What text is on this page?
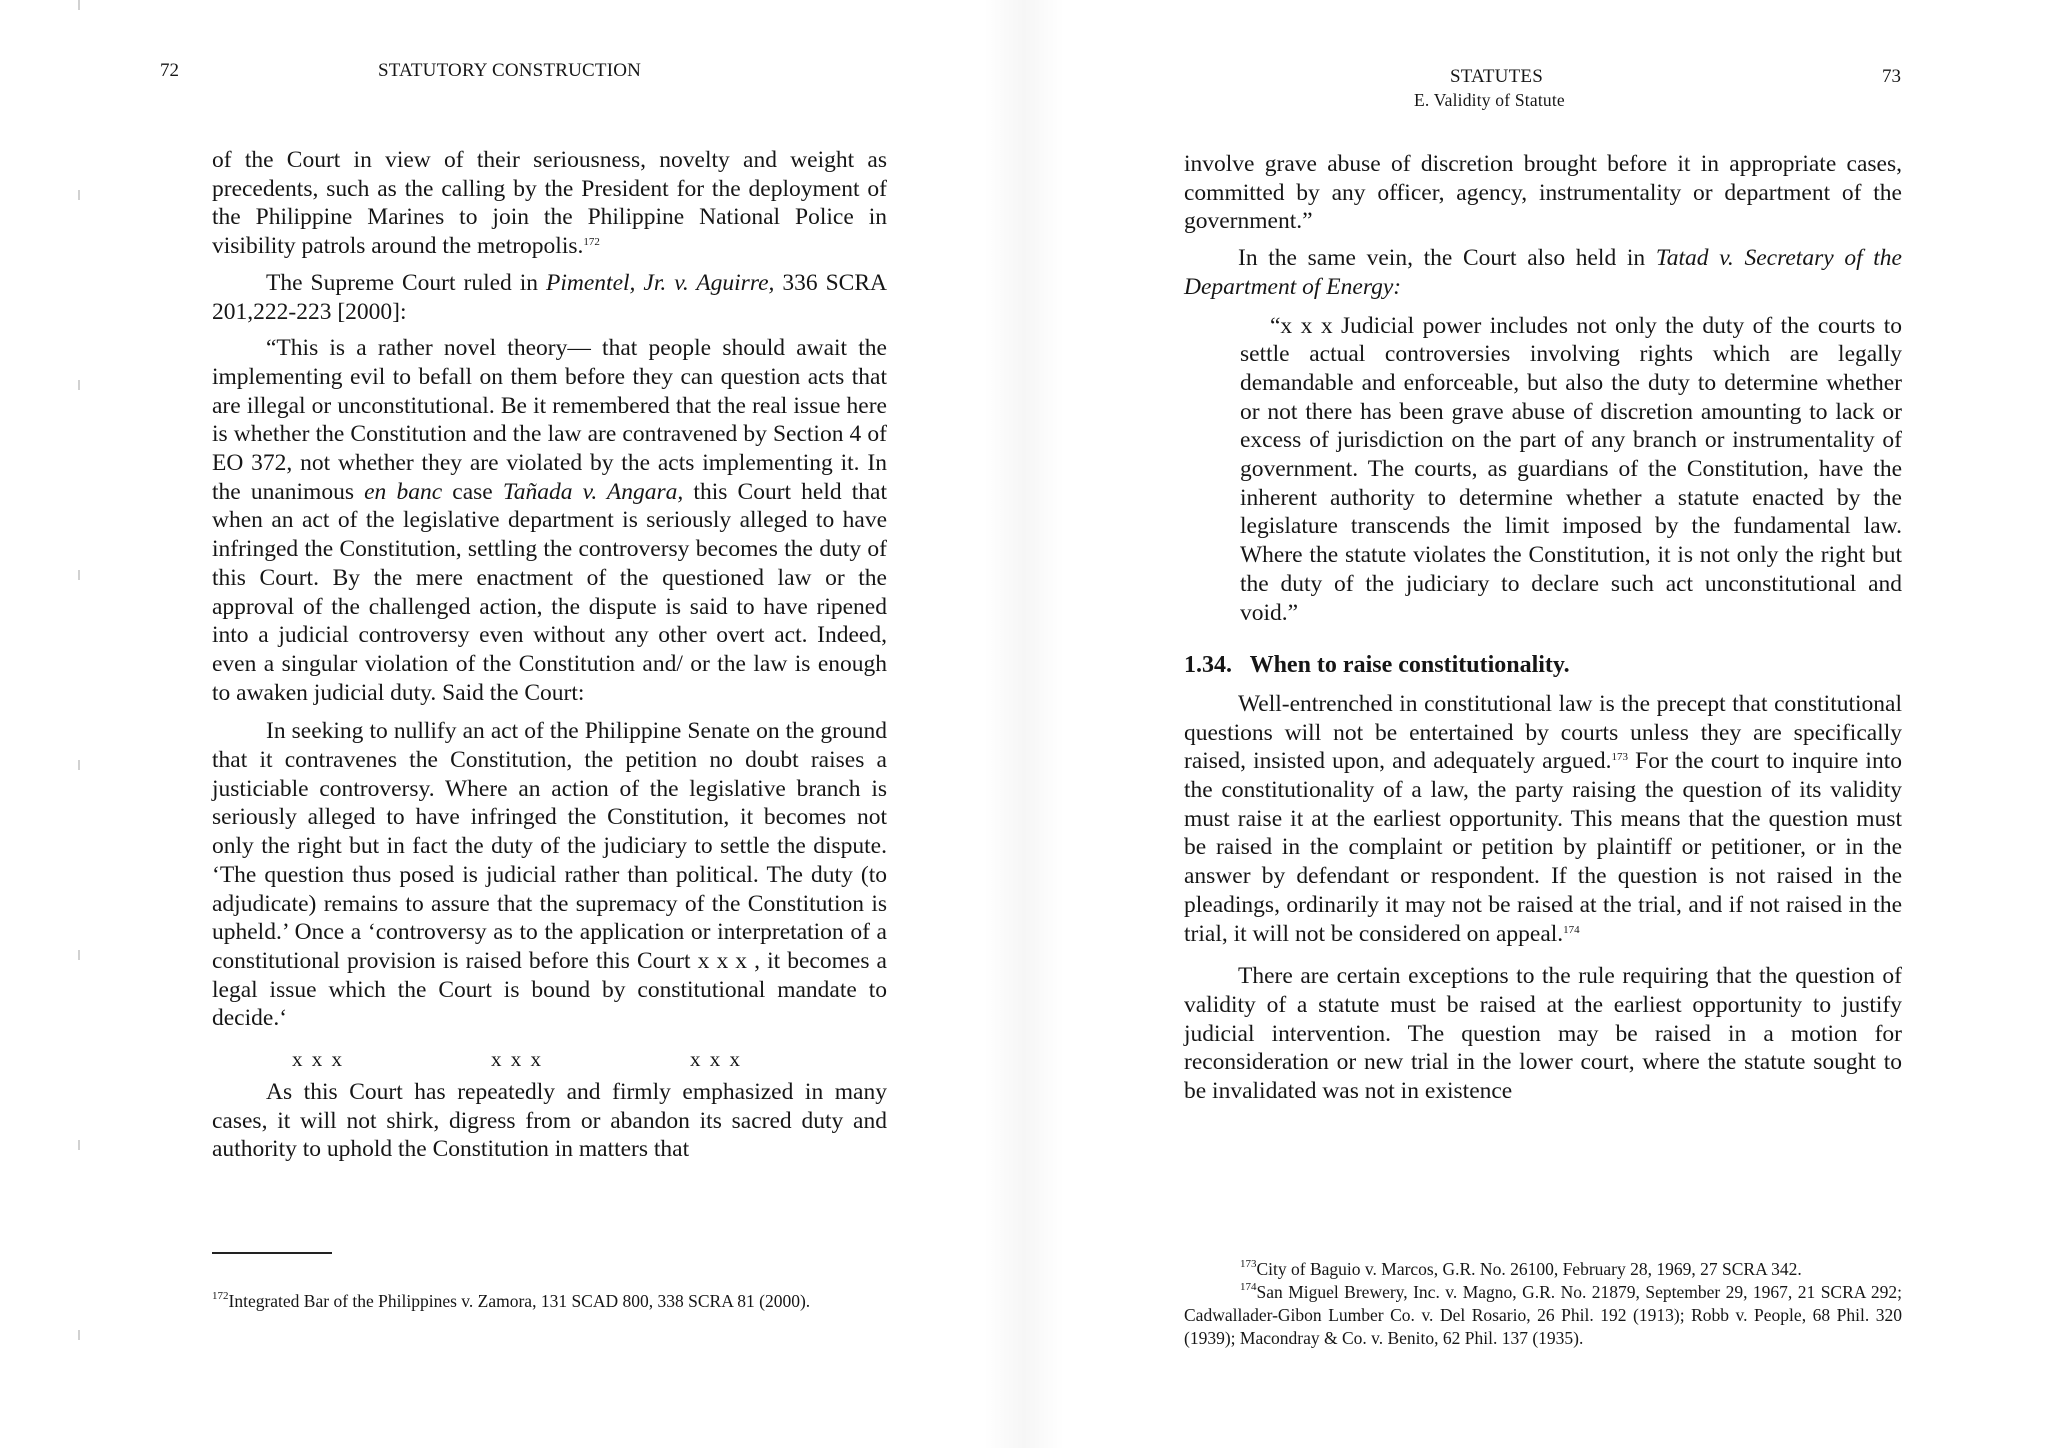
72	STATUTORY CONSTRUCTION

of the Court in view of their seriousness, novelty and weight as precedents, such as the calling by the President for the deployment of the Philippine Marines to join the Philippine National Police in visibility patrols around the metropolis.$^{172}$

The Supreme Court ruled in Pimentel, Jr. v. Aguirre, 336 SCRA 201,222-223 [2000]:

“This is a rather novel theory— that people should await the implementing evil to befall on them before they can question acts that are illegal or unconstitutional. Be it remembered that the real issue here is whether the Constitution and the law are contravened by Section 4 of EO 372, not whether they are violated by the acts implementing it. In the unanimous en banc case Tañada v. Angara, this Court held that when an act of the legislative department is seriously alleged to have infringed the Constitution, settling the controversy becomes the duty of this Court. By the mere enactment of the questioned law or the approval of the challenged action, the dispute is said to have ripened into a judicial controversy even without any other overt act. Indeed, even a singular violation of the Constitution and/ or the law is enough to awaken judicial duty. Said the Court:

In seeking to nullify an act of the Philippine Senate on the ground that it contravenes the Constitution, the petition no doubt raises a justiciable controversy. Where an action of the legislative branch is seriously alleged to have infringed the Constitution, it becomes not only the right but in fact the duty of the judiciary to settle the dispute. ‘The question thus posed is judicial rather than political. The duty (to adjudicate) remains to assure that the supremacy of the Constitution is upheld.’ Once a ‘controversy as to the application or interpretation of a constitutional provision is raised before this Court x x x , it becomes a legal issue which the Court is bound by constitutional mandate to decide.‘

x x x	x x x	x x x

As this Court has repeatedly and firmly emphasized in many cases, it will not shirk, digress from or abandon its sacred duty and authority to uphold the Constitution in matters that

$^{172}$Integrated Bar of the Philippines v. Zamora, 131 SCAD 800, 338 SCRA 81 (2000).

STATUTES
E. Validity of Statute
73

involve grave abuse of discretion brought before it in appropriate cases, committed by any officer, agency, instrumentality or department of the government.”

In the same vein, the Court also held in Tatad v. Secretary of the Department of Energy:

“x x x Judicial power includes not only the duty of the courts to settle actual controversies involving rights which are legally demandable and enforceable, but also the duty to determine whether or not there has been grave abuse of discretion amounting to lack or excess of jurisdiction on the part of any branch or instrumentality of government. The courts, as guardians of the Constitution, have the inherent authority to determine whether a statute enacted by the legislature transcends the limit imposed by the fundamental law. Where the statute violates the Constitution, it is not only the right but the duty of the judiciary to declare such act unconstitutional and void.”

1.34. When to raise constitutionality.

Well-entrenched in constitutional law is the precept that constitutional questions will not be entertained by courts unless they are specifically raised, insisted upon, and adequately argued.$^{173}$ For the court to inquire into the constitutionality of a law, the party raising the question of its validity must raise it at the earliest opportunity. This means that the question must be raised in the complaint or petition by plaintiff or petitioner, or in the answer by defendant or respondent. If the question is not raised in the pleadings, ordinarily it may not be raised at the trial, and if not raised in the trial, it will not be considered on appeal.$^{174}$

There are certain exceptions to the rule requiring that the question of validity of a statute must be raised at the earliest opportunity to justify judicial intervention. The question may be raised in a motion for reconsideration or new trial in the lower court, where the statute sought to be invalidated was not in existence

$^{173}$City of Baguio v. Marcos, G.R. No. 26100, February 28, 1969, 27 SCRA 342.

$^{174}$San Miguel Brewery, Inc. v. Magno, G.R. No. 21879, September 29, 1967, 21 SCRA 292; Cadwallader-Gibon Lumber Co. v. Del Rosario, 26 Phil. 192 (1913); Robb v. People, 68 Phil. 320 (1939); Macondray & Co. v. Benito, 62 Phil. 137 (1935).
